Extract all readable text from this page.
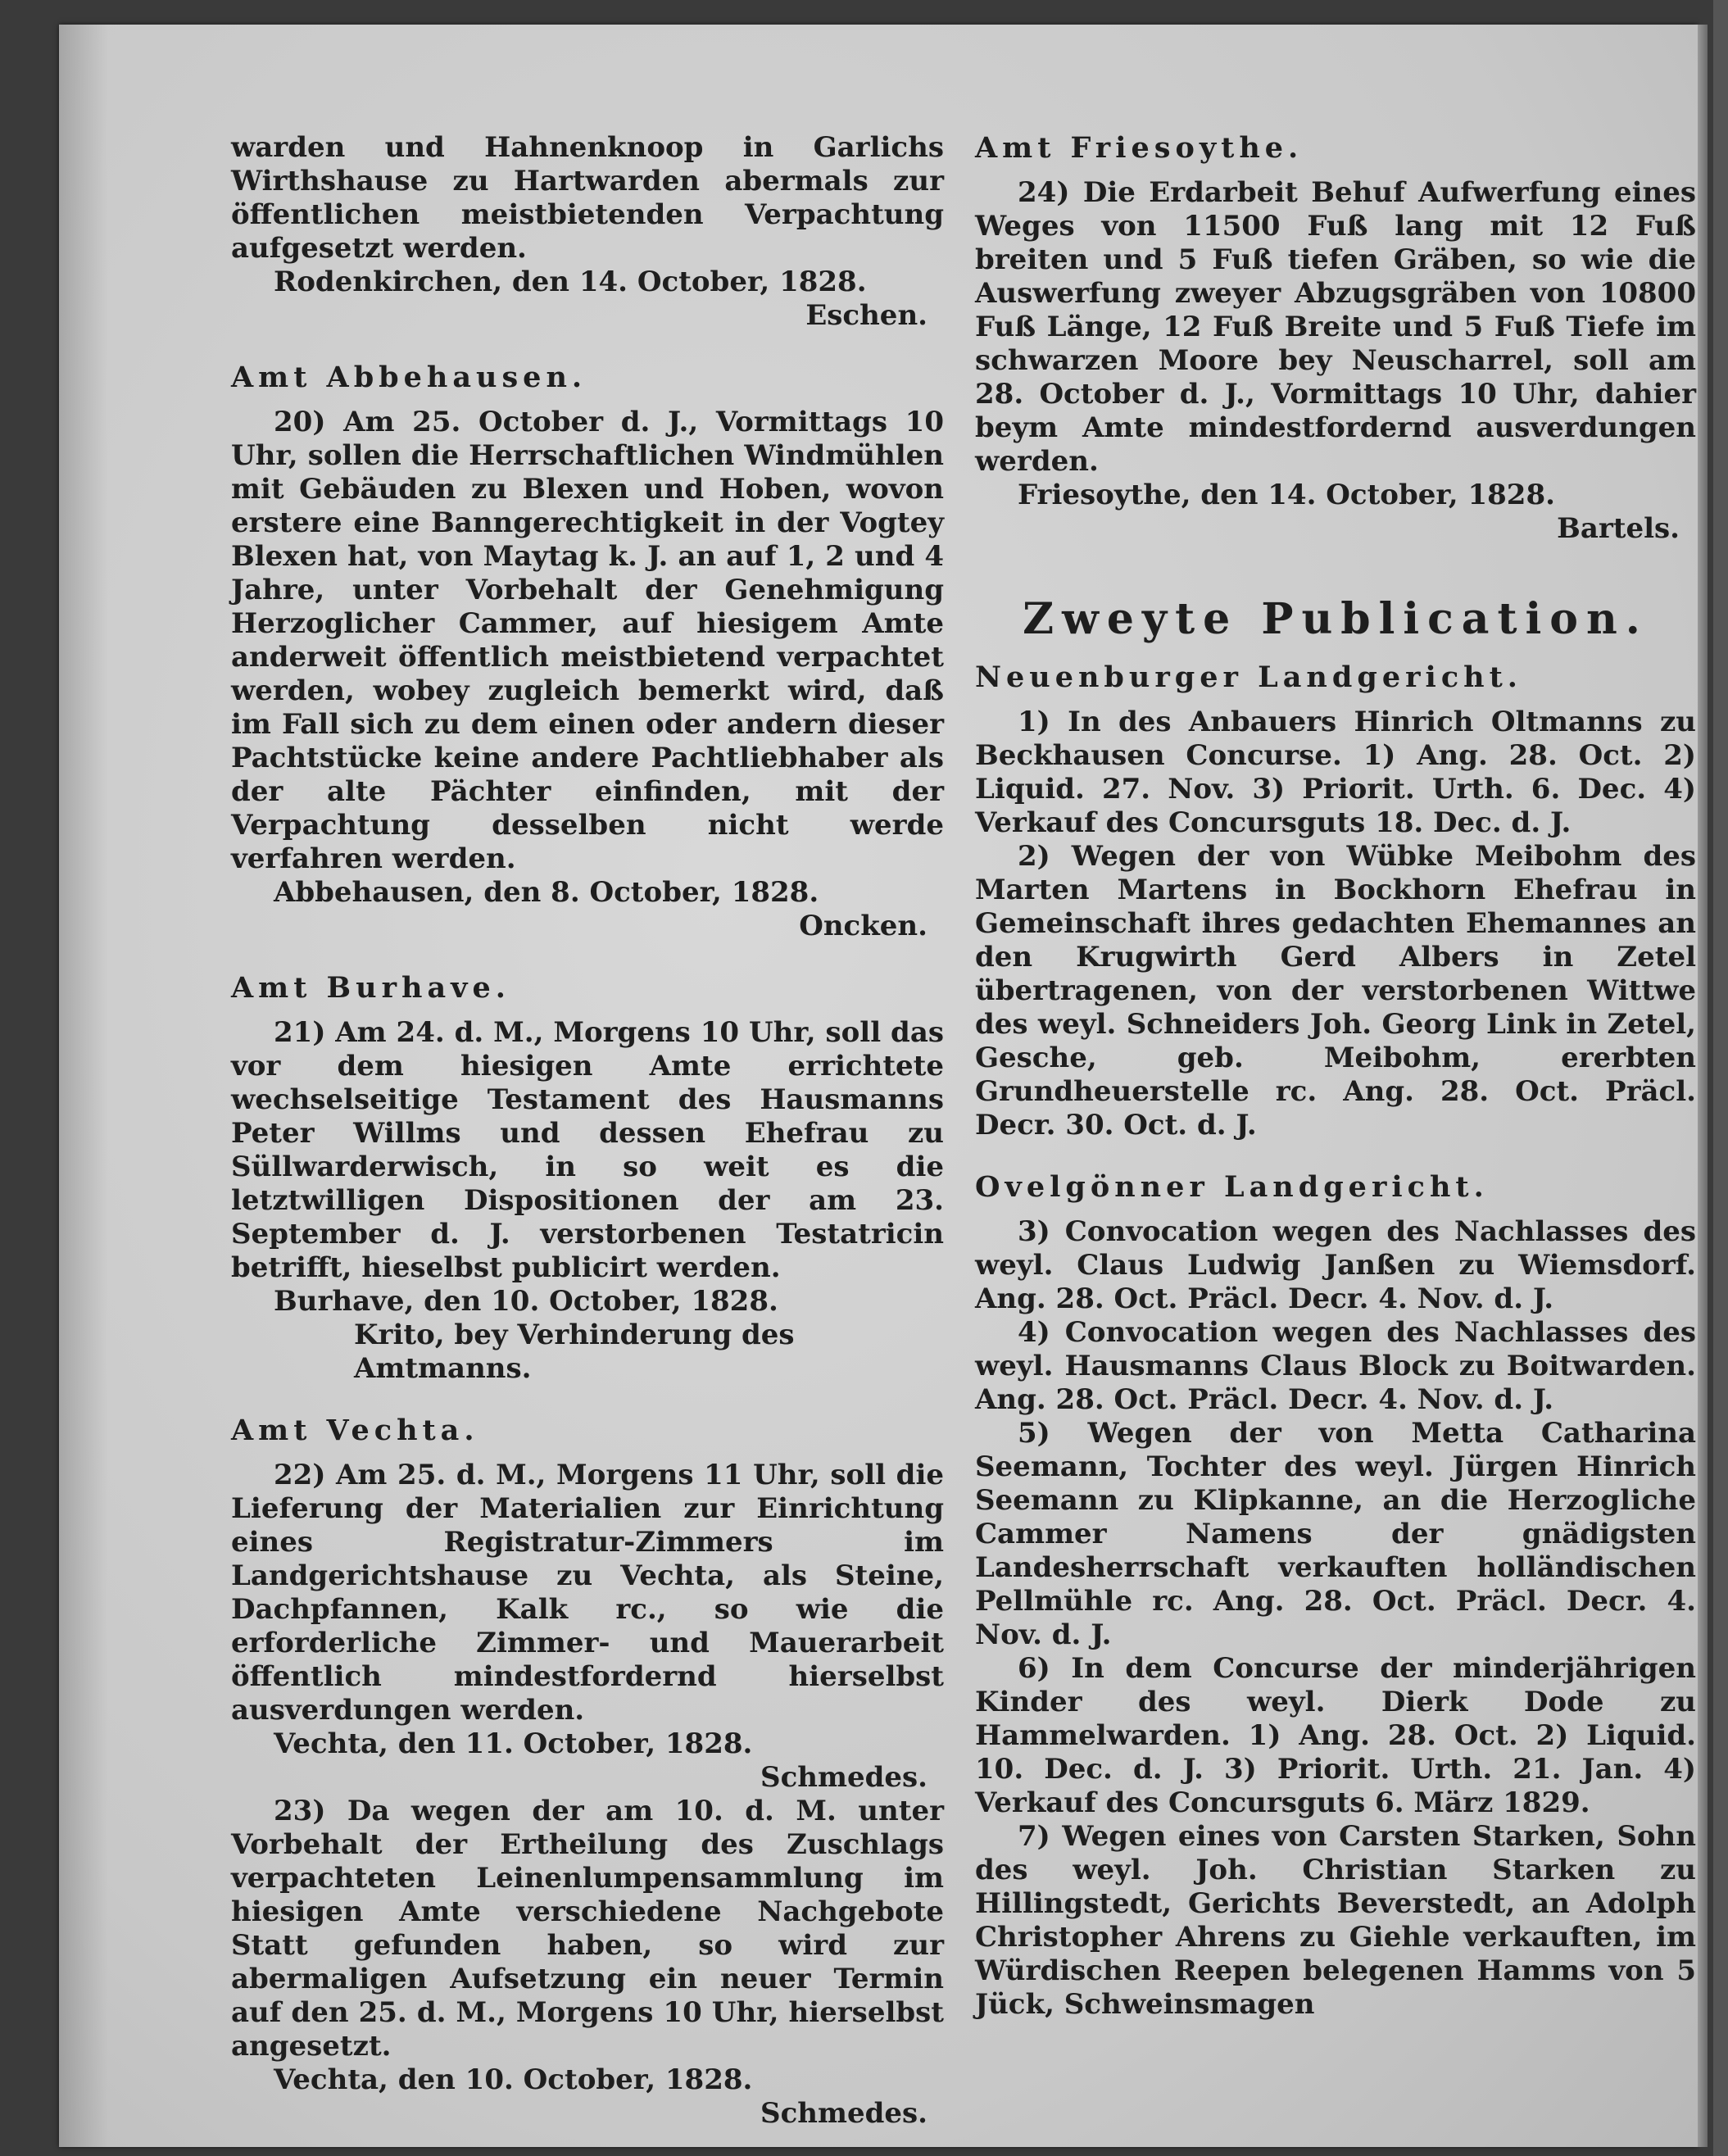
warden und Hahnenknoop in Garlichs Wirthshause zu Hartwarden abermals zur öffentlichen meistbietenden Verpachtung aufgesetzt werden.

Rodenkirchen, den 14. October, 1828.

Eschen.

Amt Abbehausen.

20) Am 25. October d. J., Vormittags 10 Uhr, sollen die Herrschaftlichen Windmühlen mit Gebäuden zu Blexen und Hoben, wovon erstere eine Banngerechtigkeit in der Vogtey Blexen hat, von Maytag k. J. an auf 1, 2 und 4 Jahre, unter Vorbehalt der Genehmigung Herzoglicher Cammer, auf hiesigem Amte anderweit öffentlich meistbietend verpachtet werden, wobey zugleich bemerkt wird, daß im Fall sich zu dem einen oder andern dieser Pachtstücke keine andere Pachtliebhaber als der alte Pächter einfinden, mit der Verpachtung desselben nicht werde verfahren werden.

Abbehausen, den 8. October, 1828.

Oncken.

Amt Burhave.

21) Am 24. d. M., Morgens 10 Uhr, soll das vor dem hiesigen Amte errichtete wechselseitige Testament des Hausmanns Peter Willms und dessen Ehefrau zu Süllwarderwisch, in so weit es die letztwilligen Dispositionen der am 23. September d. J. verstorbenen Testatricin betrifft, hieselbst publicirt werden.

Burhave, den 10. October, 1828.

Krito, bey Verhinderung des Amtmanns.

Amt Vechta.

22) Am 25. d. M., Morgens 11 Uhr, soll die Lieferung der Materialien zur Einrichtung eines Registratur-Zimmers im Landgerichtshause zu Vechta, als Steine, Dachpfannen, Kalk rc., so wie die erforderliche Zimmer- und Mauerarbeit öffentlich mindestfordernd hierselbst ausverdungen werden.

Vechta, den 11. October, 1828.

Schmedes.

23) Da wegen der am 10. d. M. unter Vorbehalt der Ertheilung des Zuschlags verpachteten Leinenlumpensammlung im hiesigen Amte verschiedene Nachgebote Statt gefunden haben, so wird zur abermaligen Aufsetzung ein neuer Termin auf den 25. d. M., Morgens 10 Uhr, hierselbst angesetzt.

Vechta, den 10. October, 1828.

Schmedes.

Amt Friesoythe.

24) Die Erdarbeit Behuf Aufwerfung eines Weges von 11500 Fuß lang mit 12 Fuß breiten und 5 Fuß tiefen Gräben, so wie die Auswerfung zweyer Abzugsgräben von 10800 Fuß Länge, 12 Fuß Breite und 5 Fuß Tiefe im schwarzen Moore bey Neuscharrel, soll am 28. October d. J., Vormittags 10 Uhr, dahier beym Amte mindestfordernd ausverdungen werden.

Friesoythe, den 14. October, 1828.

Bartels.

Zweyte Publication.

Neuenburger Landgericht.

1) In des Anbauers Hinrich Oltmanns zu Beckhausen Concurse. 1) Ang. 28. Oct. 2) Liquid. 27. Nov. 3) Priorit. Urth. 6. Dec. 4) Verkauf des Concursguts 18. Dec. d. J.

2) Wegen der von Wübke Meibohm des Marten Martens in Bockhorn Ehefrau in Gemeinschaft ihres gedachten Ehemannes an den Krugwirth Gerd Albers in Zetel übertragenen, von der verstorbenen Wittwe des weyl. Schneiders Joh. Georg Link in Zetel, Gesche, geb. Meibohm, ererbten Grundheuerstelle rc. Ang. 28. Oct. Präcl. Decr. 30. Oct. d. J.

Ovelgönner Landgericht.

3) Convocation wegen des Nachlasses des weyl. Claus Ludwig Janßen zu Wiemsdorf. Ang. 28. Oct. Präcl. Decr. 4. Nov. d. J.

4) Convocation wegen des Nachlasses des weyl. Hausmanns Claus Block zu Boitwarden. Ang. 28. Oct. Präcl. Decr. 4. Nov. d. J.

5) Wegen der von Metta Catharina Seemann, Tochter des weyl. Jürgen Hinrich Seemann zu Klipkanne, an die Herzogliche Cammer Namens der gnädigsten Landesherrschaft verkauften holländischen Pellmühle rc. Ang. 28. Oct. Präcl. Decr. 4. Nov. d. J.

6) In dem Concurse der minderjährigen Kinder des weyl. Dierk Dode zu Hammelwarden. 1) Ang. 28. Oct. 2) Liquid. 10. Dec. d. J. 3) Priorit. Urth. 21. Jan. 4) Verkauf des Concursguts 6. März 1829.

7) Wegen eines von Carsten Starken, Sohn des weyl. Joh. Christian Starken zu Hillingstedt, Gerichts Beverstedt, an Adolph Christopher Ahrens zu Giehle verkauften, im Würdischen Reepen belegenen Hamms von 5 Jück, Schweinsmagen
